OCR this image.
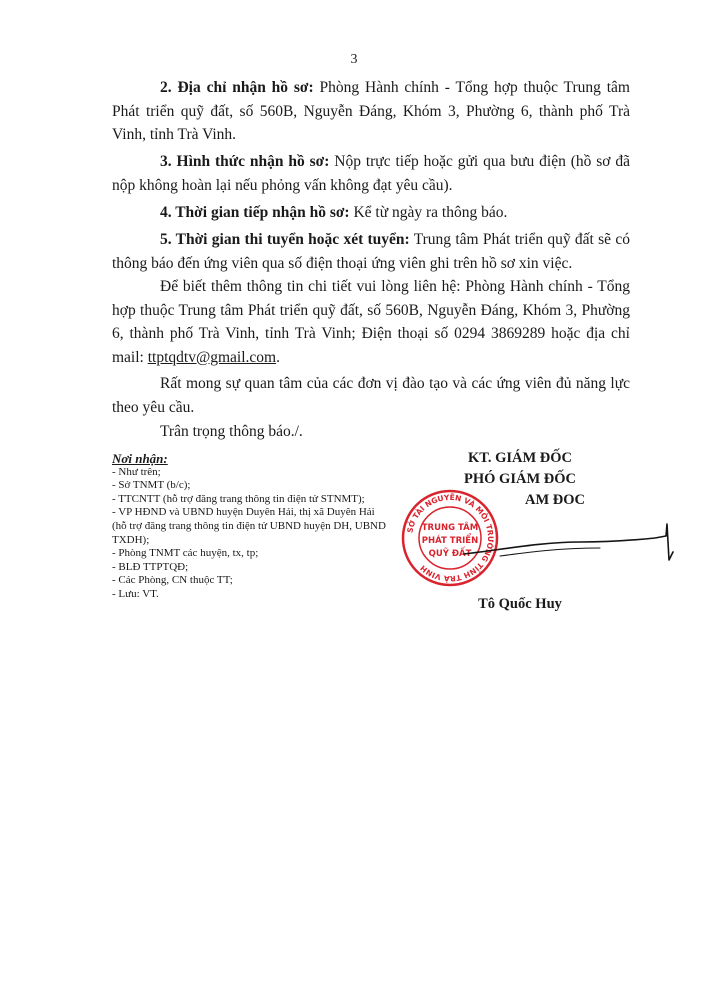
3

2. Địa chỉ nhận hồ sơ: Phòng Hành chính - Tổng hợp thuộc Trung tâm Phát triển quỹ đất, số 560B, Nguyễn Đáng, Khóm 3, Phường 6, thành phố Trà Vinh, tỉnh Trà Vinh.

3. Hình thức nhận hồ sơ: Nộp trực tiếp hoặc gửi qua bưu điện (hồ sơ đã nộp không hoàn lại nếu phỏng vấn không đạt yêu cầu).

4. Thời gian tiếp nhận hồ sơ: Kể từ ngày ra thông báo.

5. Thời gian thi tuyển hoặc xét tuyển: Trung tâm Phát triển quỹ đất sẽ có thông báo đến ứng viên qua số điện thoại ứng viên ghi trên hồ sơ xin việc.

Để biết thêm thông tin chi tiết vui lòng liên hệ: Phòng Hành chính - Tổng hợp thuộc Trung tâm Phát triển quỹ đất, số 560B, Nguyễn Đáng, Khóm 3, Phường 6, thành phố Trà Vinh, tỉnh Trà Vinh; Điện thoại số 0294 3869289 hoặc địa chỉ mail: ttptqdtv@gmail.com.

Rất mong sự quan tâm của các đơn vị đào tạo và các ứng viên đủ năng lực theo yêu cầu.

Trân trọng thông báo./.

Nơi nhận:
- Như trên;
- Sở TNMT (b/c);
- TTCNTT (hỗ trợ đăng trang thông tin điện tử STNMT);
- VP HĐND và UBND huyện Duyên Hải, thị xã Duyên Hải (hỗ trợ đăng trang thông tin điện tử UBND huyện DH, UBND TXDH);
- Phòng TNMT các huyện, tx, tp;
- BLĐ TTPTQĐ;
- Các Phòng, CN thuộc TT;
- Lưu: VT.
KT. GIÁM ĐỐC
PHÓ GIÁM ĐỐC
AM ĐOC
SỞ TÀI NGUYÊN VÀ MÔI TRƯỜNG TỈNH TRÀ VINH
TRUNG TÂM
PHÁT TRIỂN
QUỸ ĐẤT
Tô Quốc Huy
